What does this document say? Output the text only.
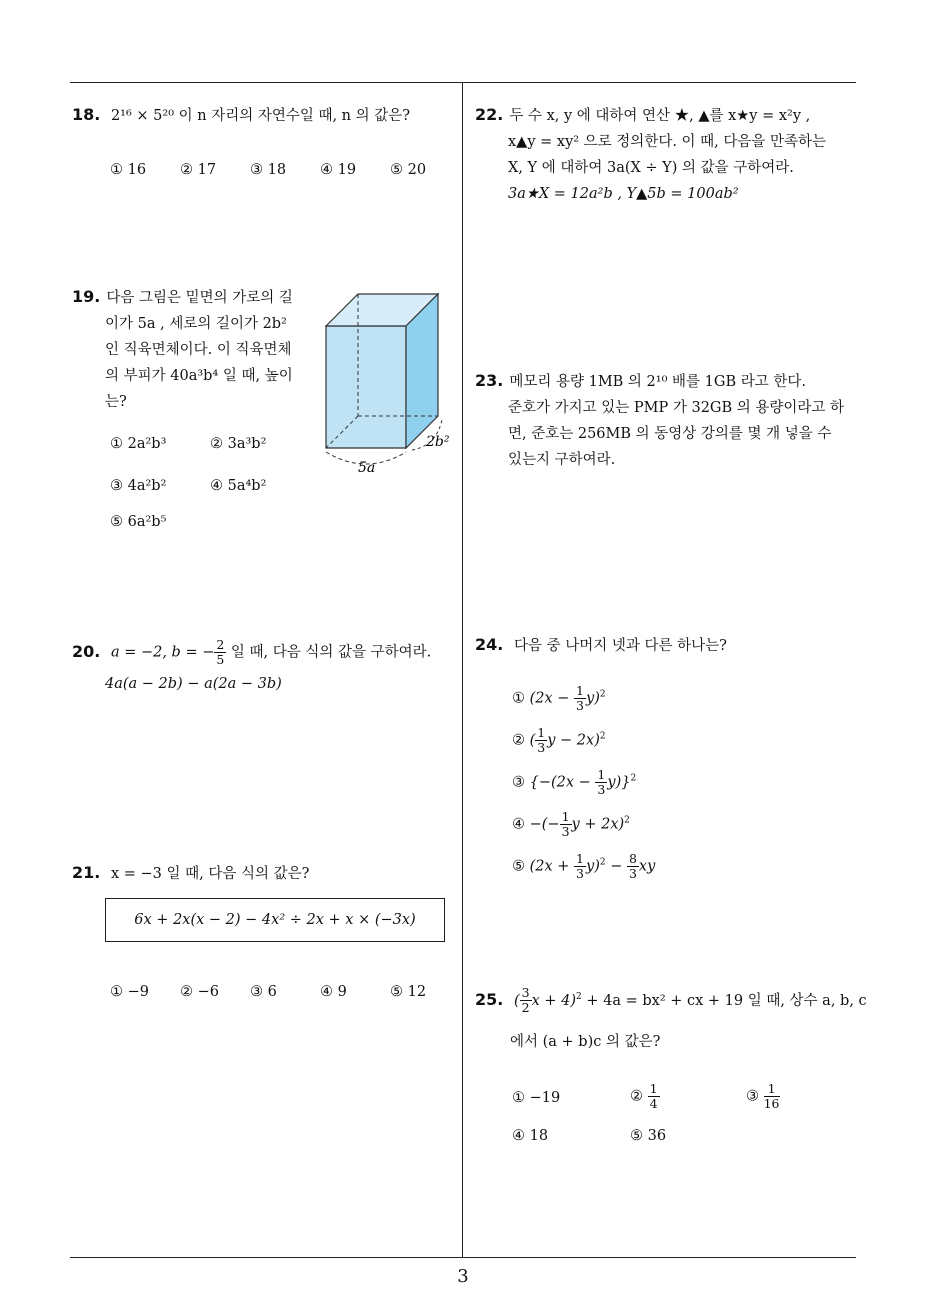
18. 2¹⁶ × 5²⁰ 이 n 자리의 자연수일 때, n 의 값은?
① 16 ② 17 ③ 18 ④ 19 ⑤ 20
19. 다음 그림은 밑면의 가로의 길
이가 5a , 세로의 길이가 2b²
인 직육면체이다. 이 직육면체
의 부피가 40a³b⁴ 일 때, 높이
는?
5a
2b²
① 2a²b³	② 3a³b²
③ 4a²b²	④ 5a⁴b²
⑤ 6a²b⁵
20. a = −2, b = − $\frac{2}{5}$ 일 때, 다음 식의 값을 구하여라.
4a(a − 2b) − a(2a − 3b)
21. x = −3 일 때, 다음 식의 값은?
6x + 2x(x − 2) − 4x² ÷ 2x + x × (−3x)
① −9 ② −6 ③ 6	④ 9	⑤ 12
22. 두 수 x, y 에 대하여 연산 ★, ▲를 x★y = x²y ,
x▲y = xy² 으로 정의한다. 이 때, 다음을 만족하는
X, Y 에 대하여 3a(X ÷ Y) 의 값을 구하여라.
3a★X = 12a²b , Y▲5b = 100ab²
23. 메모리 용량 1MB 의 2¹⁰ 배를 1GB 라고 한다.
준호가 가지고 있는 PMP 가 32GB 의 용량이라고 하
면, 준호는 256MB 의 동영상 강의를 몇 개 넣을 수
있는지 구하여라.
24. 다음 중 나머지 넷과 다른 하나는?
① $(2x - \frac{1}{3} y)^2$
② ( $\frac{1}{3}$ y − 2x)$^2$
③ $\{-(2x - \frac{1}{3} y)\}^2$
④ −(− $\frac{1}{3}$ y + 2x)$^2$
⑤ $(2x + \frac{1}{3} y)^2 - \frac{8}{3}$ xy
25. ( $\frac{3}{2}$ x + 4)$^2$ + 4a = bx² + cx + 19 일 때, 상수 a, b, c
에서 (a + b)c 의 값은?
① −19	② $\frac{1}{4}$	③ $\frac{1}{16}$
④ 18	⑤ 36
3
